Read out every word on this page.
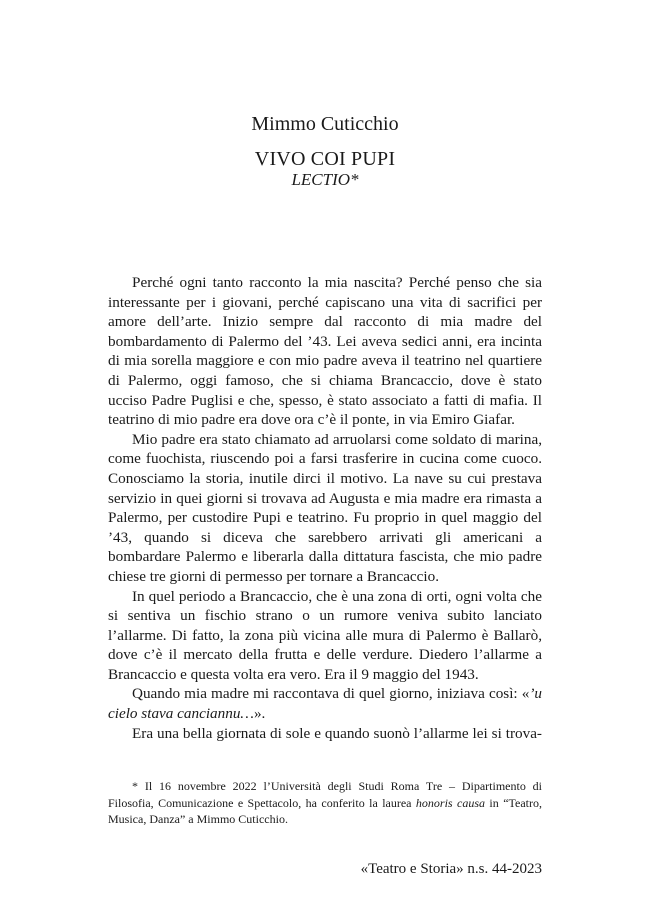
Mimmo Cuticchio
VIVO COI PUPI
LECTIO*

Perché ogni tanto racconto la mia nascita? Perché penso che sia interessante per i giovani, perché capiscano una vita di sacrifici per amore dell’arte. Inizio sempre dal racconto di mia madre del bombardamento di Palermo del ’43. Lei aveva sedici anni, era incinta di mia sorella maggiore e con mio padre aveva il teatrino nel quartiere di Palermo, oggi famoso, che si chiama Brancaccio, dove è stato ucciso Padre Puglisi e che, spesso, è stato associato a fatti di mafia. Il teatrino di mio padre era dove ora c’è il ponte, in via Emiro Giafar.

Mio padre era stato chiamato ad arruolarsi come soldato di marina, come fuochista, riuscendo poi a farsi trasferire in cucina come cuoco. Conosciamo la storia, inutile dirci il motivo. La nave su cui prestava servizio in quei giorni si trovava ad Augusta e mia madre era rimasta a Palermo, per custodire Pupi e teatrino. Fu proprio in quel maggio del ’43, quando si diceva che sarebbero arrivati gli americani a bombardare Palermo e liberarla dalla dittatura fascista, che mio padre chiese tre giorni di permesso per tornare a Brancaccio.

In quel periodo a Brancaccio, che è una zona di orti, ogni volta che si sentiva un fischio strano o un rumore veniva subito lanciato l’allarme. Di fatto, la zona più vicina alle mura di Palermo è Ballarò, dove c’è il mercato della frutta e delle verdure. Diedero l’allarme a Brancaccio e questa volta era vero. Era il 9 maggio del 1943.

Quando mia madre mi raccontava di quel giorno, iniziava così: «’u cielo stava canciannu…».

Era una bella giornata di sole e quando suonò l’allarme lei si trova-

* Il 16 novembre 2022 l’Università degli Studi Roma Tre – Dipartimento di Filosofia, Comunicazione e Spettacolo, ha conferito la laurea honoris causa in “Teatro, Musica, Danza” a Mimmo Cuticchio.

«Teatro e Storia» n.s. 44-2023
